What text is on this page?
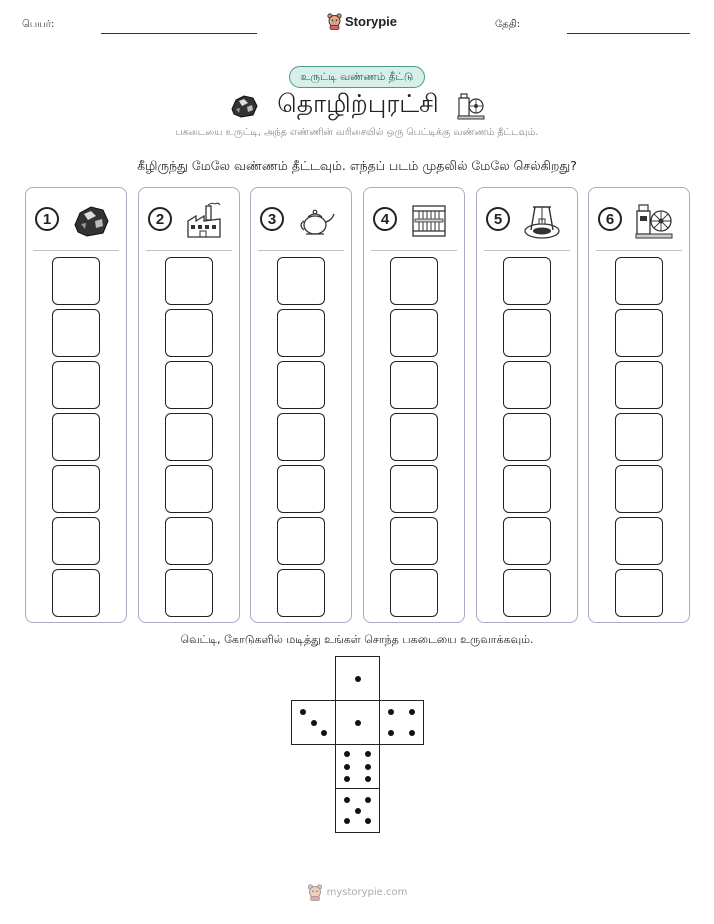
பெயர்:	Storypie	தேதி:
உருட்டி வண்ணம் தீட்டு
தொழிற்புரட்சி
பகடையை உருட்டி, அந்த எண்ணின் வரிசையில் ஒரு பெட்டிக்கு வண்ணம் தீட்டவும்.
கீழிருந்து மேலே வண்ணம் தீட்டவும். எந்தப் படம் முதலில் மேலே செல்கிறது?
1	2	3	4	5	6
வெட்டி, கோடுகளில் மடித்து உங்கள் சொந்த பகடையை உருவாக்கவும்.
mystorypie.com
